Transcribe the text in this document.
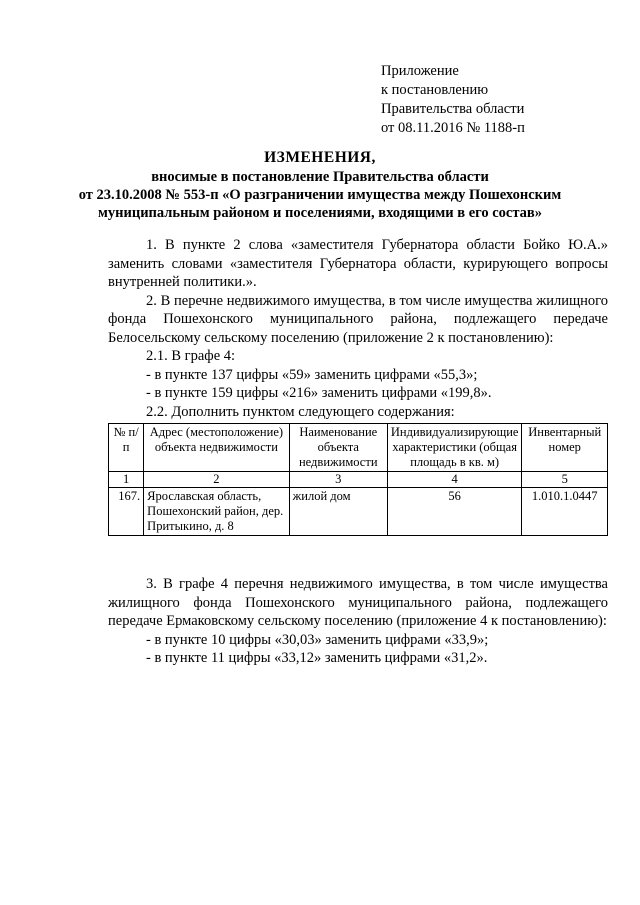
Приложение
к постановлению
Правительства области
от 08.11.2016 № 1188-п
ИЗМЕНЕНИЯ,
вносимые в постановление Правительства области
от 23.10.2008 № 553-п «О разграничении имущества между Пошехонским
муниципальным районом и поселениями, входящими в его состав»

1. В пункте 2 слова «заместителя Губернатора области Бойко Ю.А.» заменить словами «заместителя Губернатора области, курирующего вопросы внутренней политики.».

2. В перечне недвижимого имущества, в том числе имущества жилищного фонда Пошехонского муниципального района, подлежащего передаче Белосельскому сельскому поселению (приложение 2 к постановлению):

2.1. В графе 4:

- в пункте 137 цифры «59» заменить цифрами «55,3»;

- в пункте 159 цифры «216» заменить цифрами «199,8».

2.2. Дополнить пунктом следующего содержания:

№ п/п	Адрес (местоположение) объекта недвижимости	Наименование объекта недвижимости	Индивидуализирующие характеристики (общая площадь в кв. м)	Инвентарный номер
1	2	3	4	5
167.	Ярославская область, Пошехонский район, дер. Притыкино, д. 8	жилой дом	56	1.010.1.0447

3. В графе 4 перечня недвижимого имущества, в том числе имущества жилищного фонда Пошехонского муниципального района, подлежащего передаче Ермаковскому сельскому поселению (приложение 4 к постановлению):

- в пункте 10 цифры «30,03» заменить цифрами «33,9»;

- в пункте 11 цифры «33,12» заменить цифрами «31,2».
